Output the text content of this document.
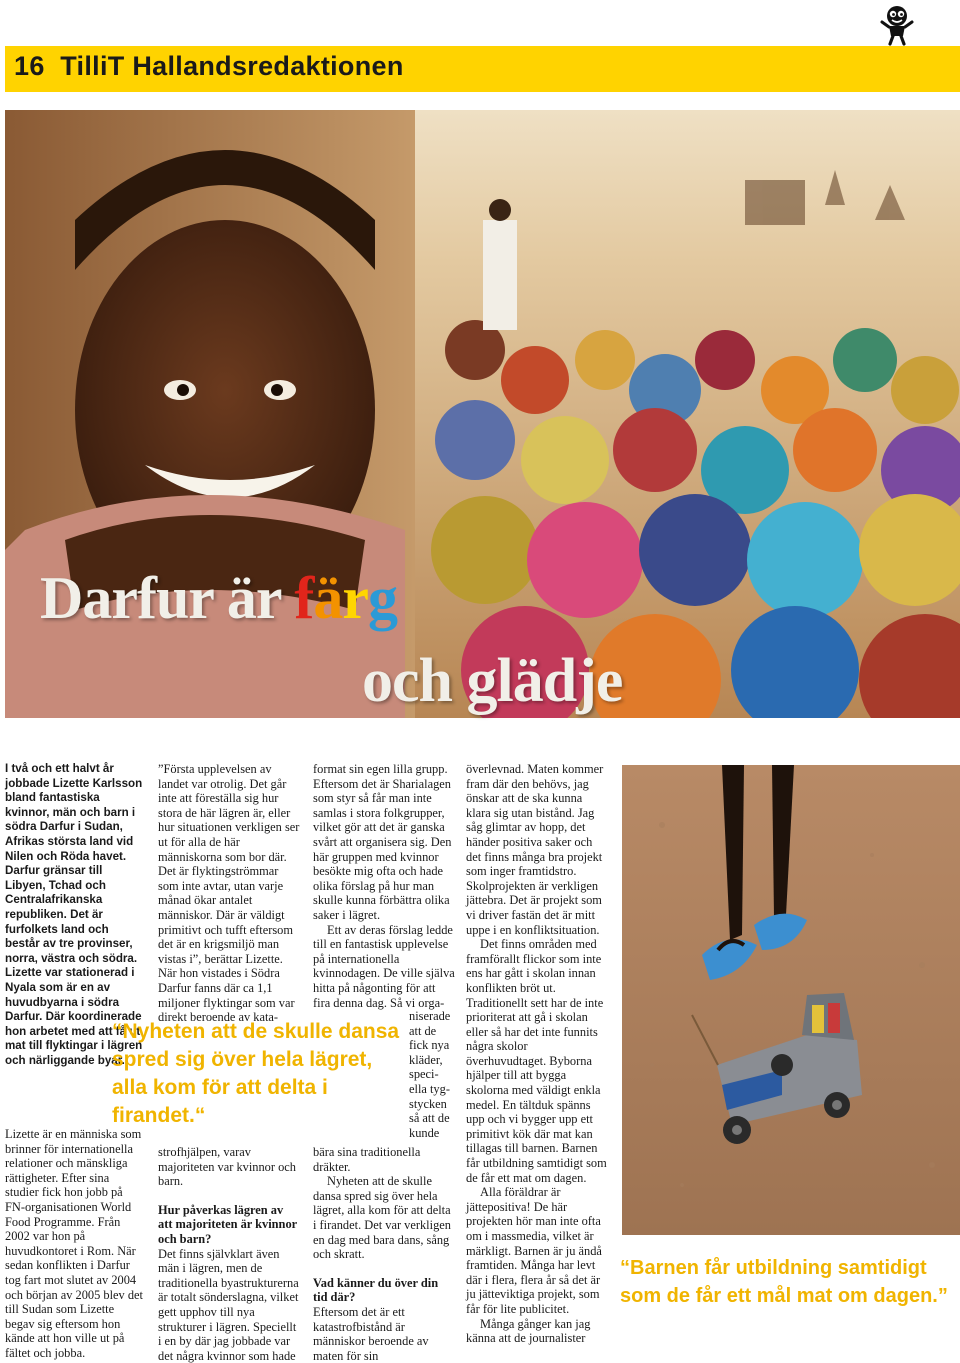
16 TilliT Hallandsredaktionen
Darfur är färg
och glädje

I två och ett halvt år jobbade Lizette Karlsson bland fantastiska kvinnor, män och barn i södra Darfur i Sudan, Afrikas största land vid Nilen och Röda havet. Darfur gränsar till Libyen, Tchad och Centralafrikanska republiken. Det är furfolkets land och består av tre provinser, norra, västra och södra. Lizette var stationerad i Nyala som är en av huvudbyarna i södra Darfur. Där koordinerade hon arbetet med att få ut mat till flyktingar i lägren och närliggande byar.

Lizette är en människa som brinner för internationella relationer och mänskliga rättigheter. Efter sina studier fick hon jobb på FN-organisationen World Food Programme. Från 2002 var hon på huvudkontoret i Rom. När sedan konflikten i Darfur tog fart mot slutet av 2004 och början av 2005 blev det till Sudan som Lizette begav sig eftersom hon kände att hon ville ut på fältet och jobba.

”Första upplevelsen av landet var otrolig. Det går inte att föreställa sig hur stora de här lägren är, eller hur situationen verkligen ser ut för alla de här människorna som bor där. Det är flyktingströmmar som inte avtar, utan varje månad ökar antalet människor. Där är väldigt primitivt och tufft eftersom det är en krigsmiljö man vistas i”, berättar Lizette. När hon vistades i Södra Darfur fanns där ca 1,1 miljoner flyktingar som var direkt beroende av kata-

strofhjälpen, varav majoriteten var kvinnor och barn.

Hur påverkas lägren av att majoriteten är kvinnor och barn?

Det finns självklart även män i lägren, men de traditionella byastrukturerna är totalt sönderslagna, vilket gett upphov till nya strukturer i lägren. Speciellt i en by där jag jobbade var det några kvinnor som hade

format sin egen lilla grupp. Eftersom det är Sharialagen som styr så får man inte samlas i stora folkgrupper, vilket gör att det är ganska svårt att organisera sig. Den här gruppen med kvinnor besökte mig ofta och hade olika förslag på hur man skulle kunna förbättra olika saker i lägret.

Ett av deras förslag ledde till en fantastisk upplevelse på internationella kvinnodagen. De ville själva hitta på någonting för att fira denna dag. Så vi orga-

niserade

att de

fick nya

kläder,

speci-

ella tyg-

stycken

så att de

kunde

bära sina traditionella dräkter.

Nyheten att de skulle dansa spred sig över hela lägret, alla kom för att delta i firandet. Det var verkligen en dag med bara dans, sång och skratt.

Vad känner du över din tid där?

Eftersom det är ett katastrofbistånd är människor beroende av maten för sin

överlevnad. Maten kommer fram där den behövs, jag önskar att de ska kunna klara sig utan bistånd. Jag såg glimtar av hopp, det händer positiva saker och det finns många bra projekt som inger framtidstro. Skolprojekten är verkligen jättebra. Det är projekt som vi driver fastän det är mitt uppe i en konfliktsituation.

Det finns områden med framförallt flickor som inte ens har gått i skolan innan konflikten bröt ut. Traditionellt sett har de inte prioriterat att gå i skolan eller så har det inte funnits några skolor överhuvudtaget. Byborna hjälper till att bygga skolorna med väldigt enkla medel. En tältduk spänns upp och vi bygger upp ett primitivt kök där mat kan tillagas till barnen. Barnen får utbildning samtidigt som de får ett mat om dagen.

Alla föräldrar är jättepositiva! De här projekten hör man inte ofta om i massmedia, vilket är märkligt. Barnen är ju ändå framtiden. Många har levt där i flera, flera år så det är ju jätteviktiga projekt, som får för lite publicitet.

Många gånger kan jag känna att de journalister

“Nyheten att de skulle dansa spred sig över hela lägret, alla kom för att delta i firandet.“
“Barnen får utbildning samtidigt som de får ett mål mat om dagen.”
